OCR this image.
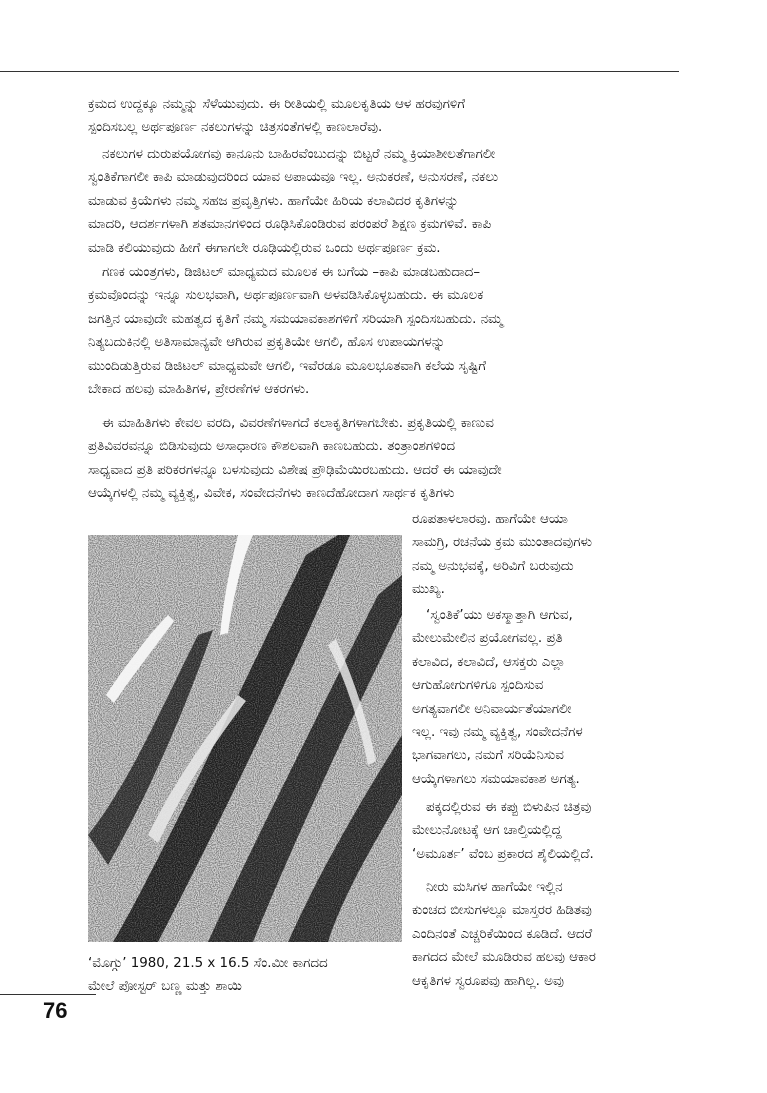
ಕ್ರಮದ ಉದ್ದಕ್ಕೂ ನಮ್ಮನ್ನು ಸೆಳೆಯುವುದು. ಈ ರೀತಿಯಲ್ಲಿ ಮೂಲಕೃತಿಯ ಆಳ ಹರವುಗಳಿಗೆ
ಸ್ಪಂದಿಸಬಲ್ಲ ಅರ್ಥಪೂರ್ಣ ನಕಲುಗಳನ್ನು ಚಿತ್ರಸಂತೆಗಳಲ್ಲಿ ಕಾಣಲಾರೆವು.
ನಕಲುಗಳ ದುರುಪಯೋಗವು ಕಾನೂನು ಬಾಹಿರವೆಂಬುದನ್ನು ಬಿಟ್ಟರೆ ನಮ್ಮ ಕ್ರಿಯಾಶೀಲತೆಗಾಗಲೀ
ಸ್ವಂತಿಕೆಗಾಗಲೀ ಕಾಪಿ ಮಾಡುವುದರಿಂದ ಯಾವ ಅಪಾಯವೂ ಇಲ್ಲ. ಅನುಕರಣೆ, ಅನುಸರಣೆ, ನಕಲು
ಮಾಡುವ ಕ್ರಿಯೆಗಳು ನಮ್ಮ ಸಹಜ ಪ್ರವೃತ್ತಿಗಳು. ಹಾಗೆಯೇ ಹಿರಿಯ ಕಲಾವಿದರ ಕೃತಿಗಳನ್ನು
ಮಾದರಿ, ಆದರ್ಶಗಳಾಗಿ ಶತಮಾನಗಳಿಂದ ರೂಢಿಸಿಕೊಂಡಿರುವ ಪರಂಪರೆ ಶಿಕ್ಷಣ ಕ್ರಮಗಳಿವೆ. ಕಾಪಿ
ಮಾಡಿ ಕಲಿಯುವುದು ಹೀಗೆ ಈಗಾಗಲೇ ರೂಢಿಯಲ್ಲಿರುವ ಒಂದು ಅರ್ಥಪೂರ್ಣ ಕ್ರಮ.
ಗಣಕ ಯಂತ್ರಗಳು, ಡಿಜಿಟಲ್ ಮಾಧ್ಯಮದ ಮೂಲಕ ಈ ಬಗೆಯ –ಕಾಪಿ ಮಾಡಬಹುದಾದ–
ಕ್ರಮವೊಂದನ್ನು ಇನ್ನೂ ಸುಲಭವಾಗಿ, ಅರ್ಥಪೂರ್ಣವಾಗಿ ಅಳವಡಿಸಿಕೊಳ್ಳಬಹುದು. ಈ ಮೂಲಕ
ಜಗತ್ತಿನ ಯಾವುದೇ ಮಹತ್ವದ ಕೃತಿಗೆ ನಮ್ಮ ಸಮಯಾವಕಾಶಗಳಿಗೆ ಸರಿಯಾಗಿ ಸ್ಪಂದಿಸಬಹುದು. ನಮ್ಮ
ನಿತ್ಯಬದುಕಿನಲ್ಲಿ ಅತಿಸಾಮಾನ್ಯವೇ ಆಗಿರುವ ಪ್ರಕೃತಿಯೇ ಆಗಲಿ, ಹೊಸ ಉಪಾಯಗಳನ್ನು
ಮುಂದಿಡುತ್ತಿರುವ ಡಿಜಿಟಲ್ ಮಾಧ್ಯಮವೇ ಆಗಲಿ, ಇವೆರಡೂ ಮೂಲಭೂತವಾಗಿ ಕಲೆಯ ಸೃಷ್ಟಿಗೆ
ಬೇಕಾದ ಹಲವು ಮಾಹಿತಿಗಳ, ಪ್ರೇರಣೆಗಳ ಆಕರಗಳು.
ಈ ಮಾಹಿತಿಗಳು ಕೇವಲ ವರದಿ, ವಿವರಣೆಗಳಾಗದೆ ಕಲಾಕೃತಿಗಳಾಗಬೇಕು. ಪ್ರಕೃತಿಯಲ್ಲಿ ಕಾಣುವ
ಪ್ರತಿವಿವರವನ್ನೂ ಬಿಡಿಸುವುದು ಅಸಾಧಾರಣ ಕೌಶಲವಾಗಿ ಕಾಣಬಹುದು. ತಂತ್ರಾಂಶಗಳಿಂದ
ಸಾಧ್ಯವಾದ ಪ್ರತಿ ಪರಿಕರಗಳನ್ನೂ ಬಳಸುವುದು ವಿಶೇಷ ಪ್ರೌಢಿಮೆಯಿರಬಹುದು. ಆದರೆ ಈ ಯಾವುದೇ
ಆಯ್ಕೆಗಳಲ್ಲಿ ನಮ್ಮ ವ್ಯಕ್ತಿತ್ವ, ವಿವೇಕ, ಸಂವೇದನೆಗಳು ಕಾಣದೆಹೋದಾಗ ಸಾರ್ಥಕ ಕೃತಿಗಳು
ರೂಪತಾಳಲಾರವು. ಹಾಗೆಯೇ ಆಯಾ
ಸಾಮಗ್ರಿ, ರಚನೆಯ ಕ್ರಮ ಮುಂತಾದವುಗಳು
ನಮ್ಮ ಅನುಭವಕ್ಕೆ, ಅರಿವಿಗೆ ಬರುವುದು
ಮುಖ್ಯ.
‘ಸ್ವಂತಿಕೆ’ಯು ಅಕಸ್ಮಾತ್ತಾಗಿ ಆಗುವ,
ಮೇಲುಮೇಲಿನ ಪ್ರಯೋಗವಲ್ಲ. ಪ್ರತಿ
ಕಲಾವಿದ, ಕಲಾವಿದೆ, ಆಸಕ್ತರು ಎಲ್ಲಾ
ಆಗುಹೋಗುಗಳಿಗೂ ಸ್ಪಂದಿಸುವ
ಅಗತ್ಯವಾಗಲೀ ಅನಿವಾರ್ಯತೆಯಾಗಲೀ
ಇಲ್ಲ. ಇವು ನಮ್ಮ ವ್ಯಕ್ತಿತ್ವ, ಸಂವೇದನೆಗಳ
ಭಾಗವಾಗಲು, ನಮಗೆ ಸರಿಯೆನಿಸುವ
ಆಯ್ಕೆಗಳಾಗಲು ಸಮಯಾವಕಾಶ ಅಗತ್ಯ.
ಪಕ್ಕದಲ್ಲಿರುವ ಈ ಕಪ್ಪು ಬಿಳುಪಿನ ಚಿತ್ರವು
ಮೇಲುನೋಟಕ್ಕೆ ಆಗ ಚಾಲ್ತಿಯಲ್ಲಿದ್ದ
‘ಅಮೂರ್ತ’ ವೆಂಬ ಪ್ರಕಾರದ ಶೈಲಿಯಲ್ಲಿದೆ.
ನೀರು ಮಸಿಗಳ ಹಾಗೆಯೇ ಇಲ್ಲಿನ
ಕುಂಚದ ಬೀಸುಗಳಲ್ಲೂ ಮಾಸ್ತರರ ಹಿಡಿತವು
ಎಂದಿನಂತೆ ಎಚ್ಚರಿಕೆಯಿಂದ ಕೂಡಿದೆ. ಆದರೆ
ಕಾಗದದ ಮೇಲೆ ಮೂಡಿರುವ ಹಲವು ಆಕಾರ
ಆಕೃತಿಗಳ ಸ್ವರೂಪವು ಹಾಗಿಲ್ಲ. ಅವು
‘ಮೊಗ್ಗು’ 1980, 21.5 x 16.5 ಸೆಂ.ಮೀ ಕಾಗದದ
ಮೇಲೆ ಪೋಸ್ಟರ್ ಬಣ್ಣ ಮತ್ತು ಶಾಯಿ
76
